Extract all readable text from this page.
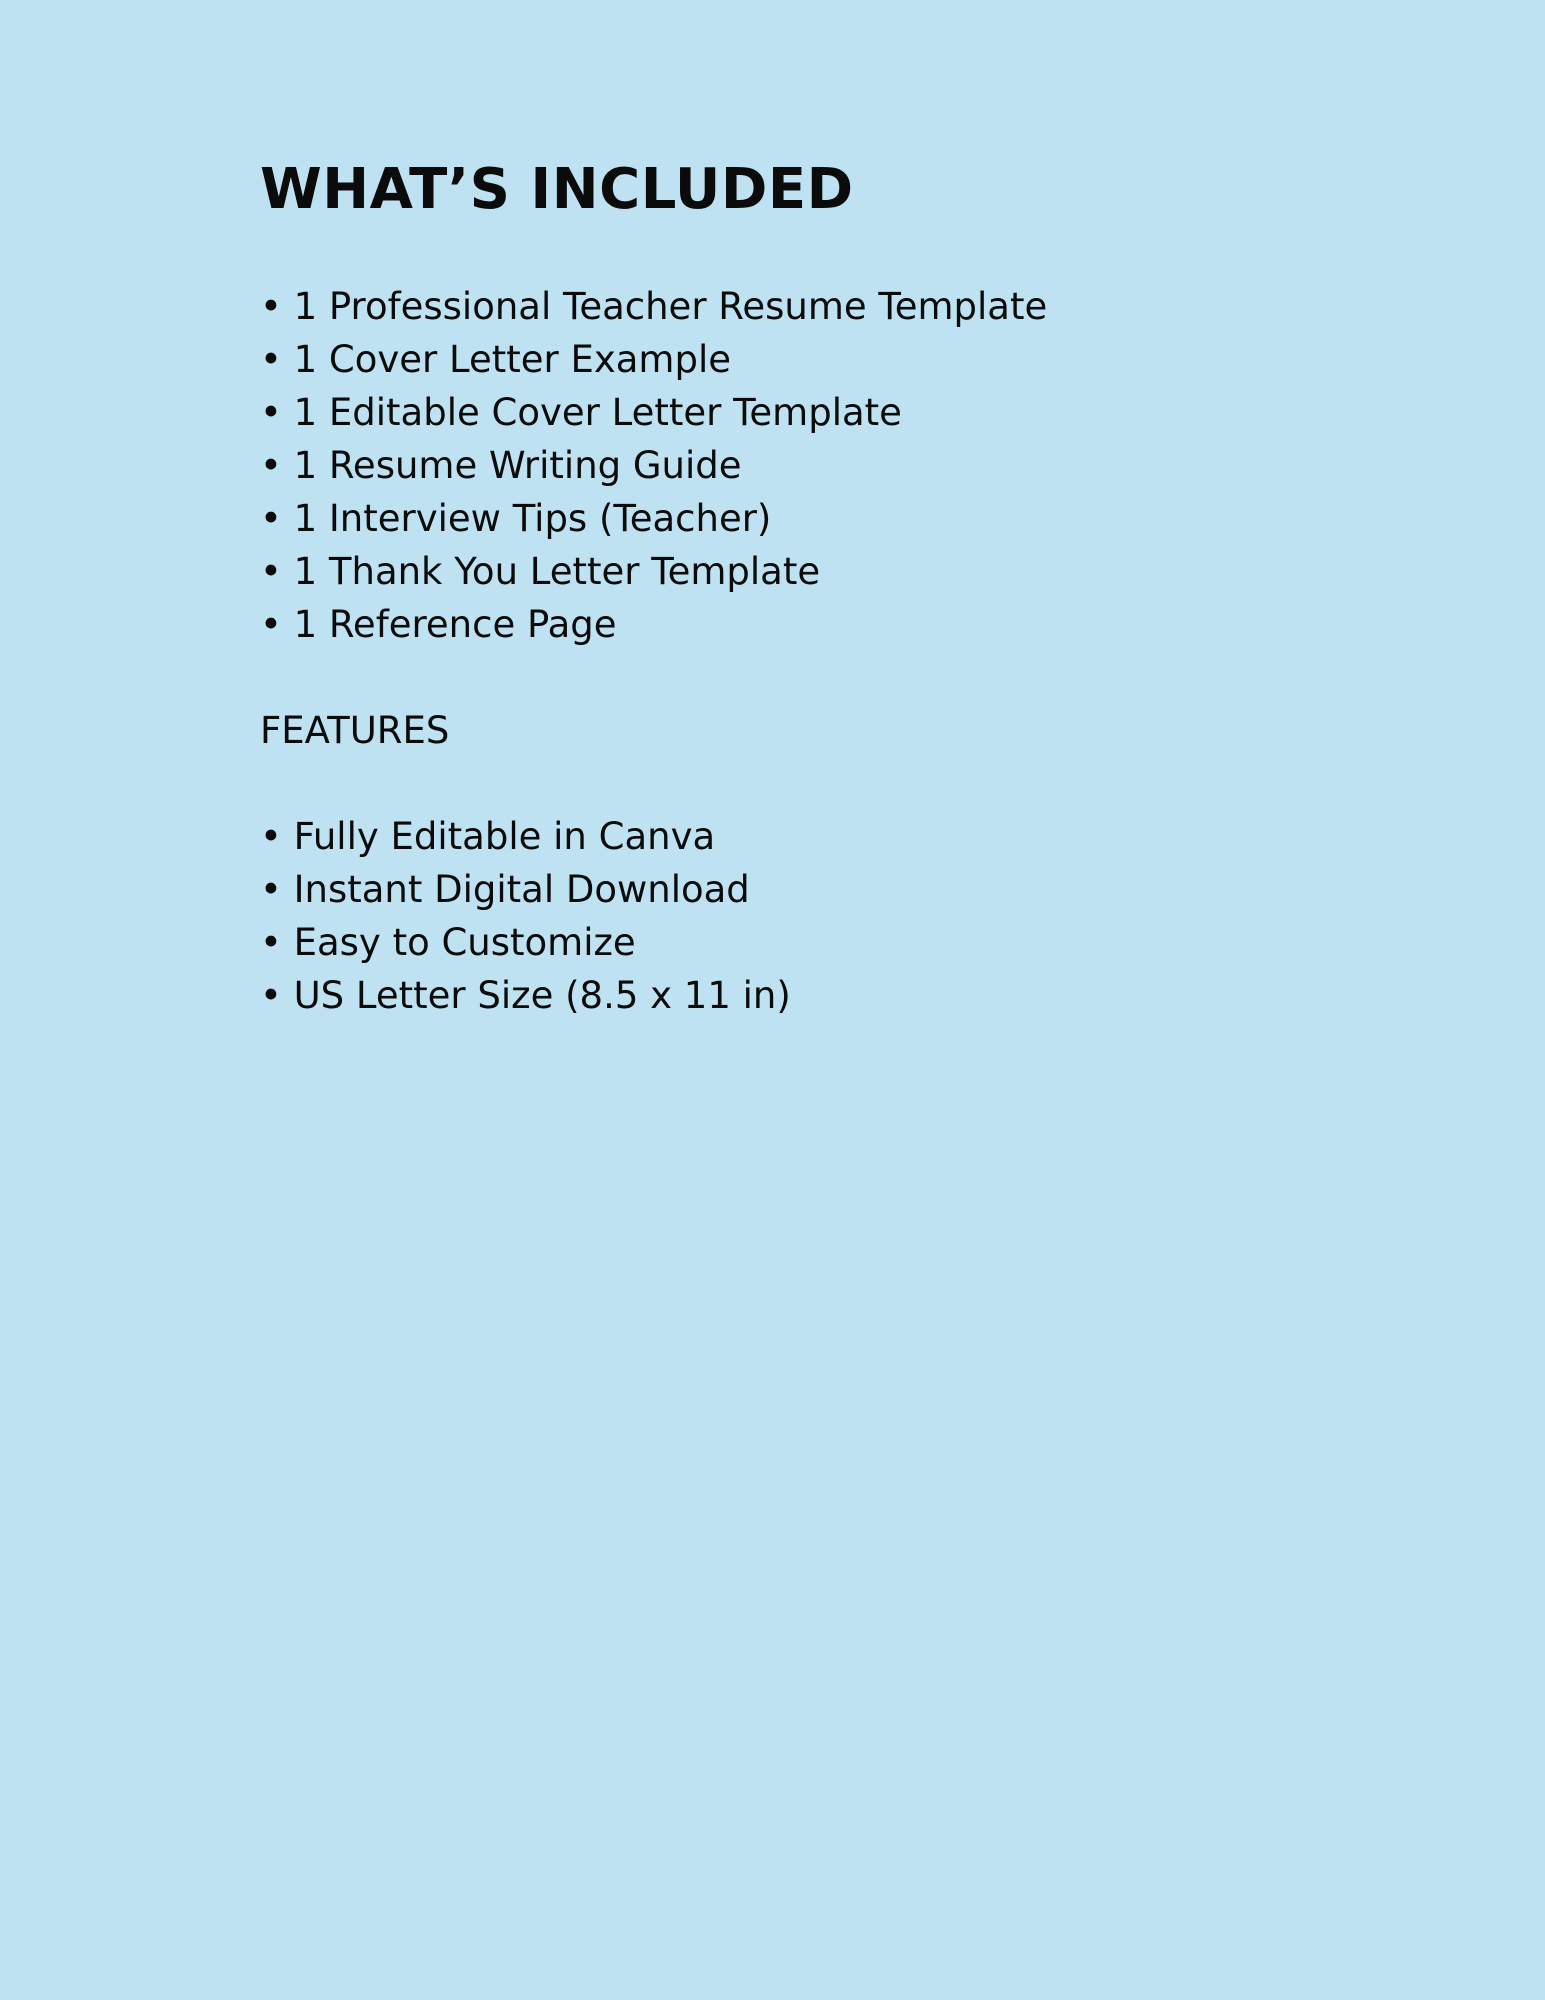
WHAT’S INCLUDED
• 1 Professional Teacher Resume Template
• 1 Cover Letter Example
• 1 Editable Cover Letter Template
• 1 Resume Writing Guide
• 1 Interview Tips (Teacher)
• 1 Thank You Letter Template
• 1 Reference Page
FEATURES
• Fully Editable in Canva
• Instant Digital Download
• Easy to Customize
• US Letter Size (8.5 x 11 in)
